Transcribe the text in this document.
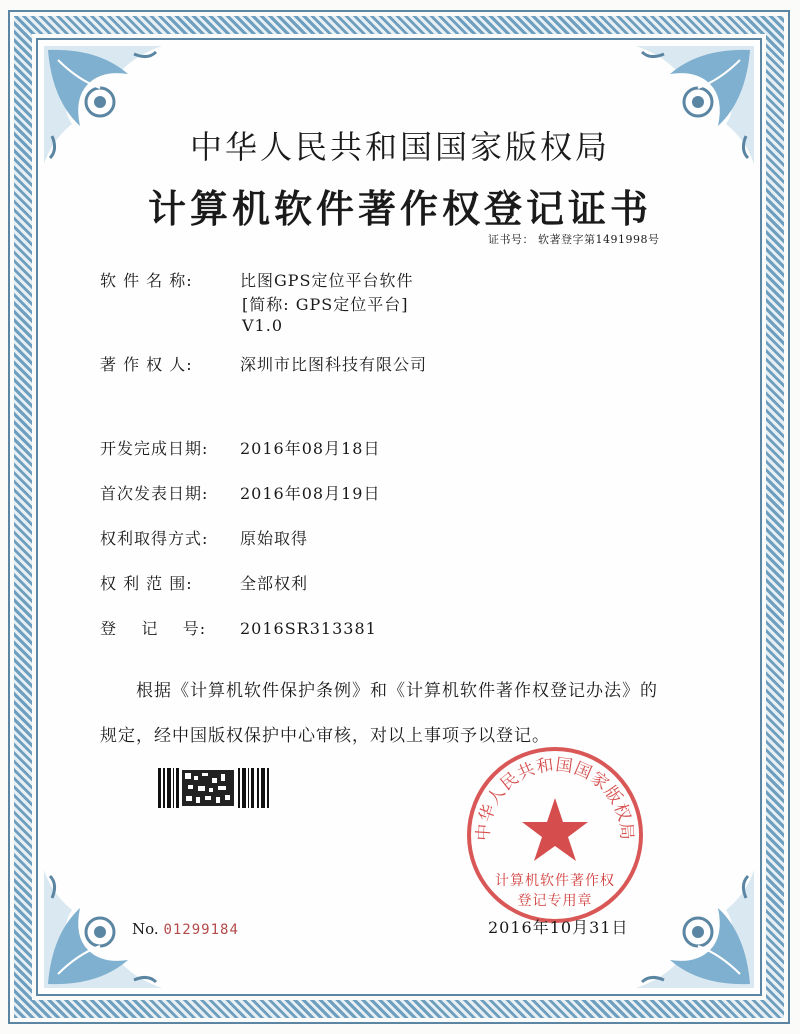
中华人民共和国国家版权局
计算机软件著作权登记证书
证书号： 软著登字第1491998号
软 件 名 称:	比图GPS定位平台软件
[简称: GPS定位平台]
V1.0
著 作 权 人:	深圳市比图科技有限公司
开发完成日期: 2016年08月18日
首次发表日期: 2016年08月19日
权利取得方式: 原始取得
权 利 范 围:	全部权利
登    记    号: 2016SR313381
根据《计算机软件保护条例》和《计算机软件著作权登记办法》的
规定，经中国版权保护中心审核，对以上事项予以登记。
中华人民共和国国家版权局
计算机软件著作权
登记专用章
No. 01299184	2016年10月31日
